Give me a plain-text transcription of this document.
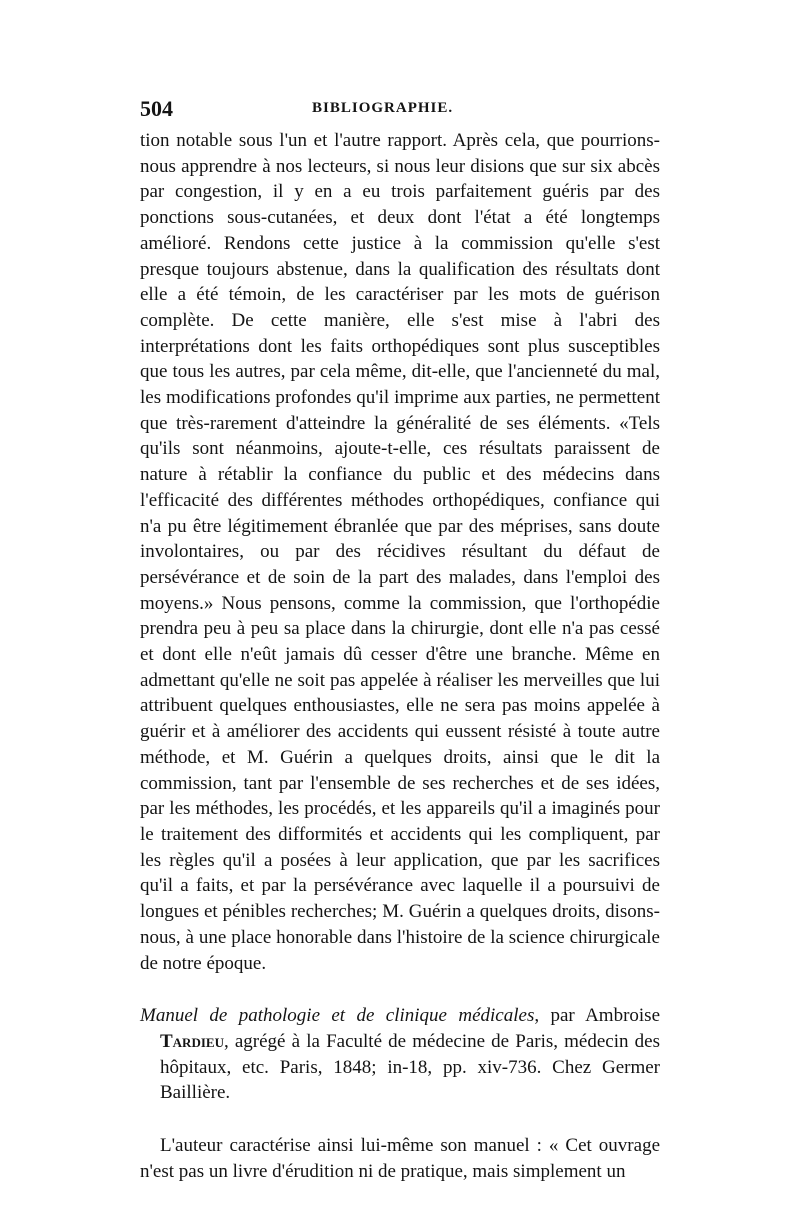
504	BIBLIOGRAPHIE.

tion notable sous l'un et l'autre rapport. Après cela, que pourrions-nous apprendre à nos lecteurs, si nous leur disions que sur six abcès par congestion, il y en a eu trois parfaitement guéris par des ponctions sous-cutanées, et deux dont l'état a été longtemps amélioré. Rendons cette justice à la commission qu'elle s'est presque toujours abstenue, dans la qualification des résultats dont elle a été témoin, de les caractériser par les mots de guérison complète. De cette manière, elle s'est mise à l'abri des interprétations dont les faits orthopédiques sont plus susceptibles que tous les autres, par cela même, dit-elle, que l'ancienneté du mal, les modifications profondes qu'il imprime aux parties, ne permettent que très-rarement d'atteindre la généralité de ses éléments. «Tels qu'ils sont néanmoins, ajoute-t-elle, ces résultats paraissent de nature à rétablir la confiance du public et des médecins dans l'efficacité des différentes méthodes orthopédiques, confiance qui n'a pu être légitimement ébranlée que par des méprises, sans doute involontaires, ou par des récidives résultant du défaut de persévérance et de soin de la part des malades, dans l'emploi des moyens.» Nous pensons, comme la commission, que l'orthopédie prendra peu à peu sa place dans la chirurgie, dont elle n'a pas cessé et dont elle n'eût jamais dû cesser d'être une branche. Même en admettant qu'elle ne soit pas appelée à réaliser les merveilles que lui attribuent quelques enthousiastes, elle ne sera pas moins appelée à guérir et à améliorer des accidents qui eussent résisté à toute autre méthode, et M. Guérin a quelques droits, ainsi que le dit la commission, tant par l'ensemble de ses recherches et de ses idées, par les méthodes, les procédés, et les appareils qu'il a imaginés pour le traitement des difformités et accidents qui les compliquent, par les règles qu'il a posées à leur application, que par les sacrifices qu'il a faits, et par la persévérance avec laquelle il a poursuivi de longues et pénibles recherches; M. Guérin a quelques droits, disons-nous, à une place honorable dans l'histoire de la science chirurgicale de notre époque.

Manuel de pathologie et de clinique médicales, par Ambroise Tardieu, agrégé à la Faculté de médecine de Paris, médecin des hôpitaux, etc. Paris, 1848; in-18, pp. xiv-736. Chez Germer Baillière.

L'auteur caractérise ainsi lui-même son manuel : « Cet ouvrage n'est pas un livre d'érudition ni de pratique, mais simplement un
